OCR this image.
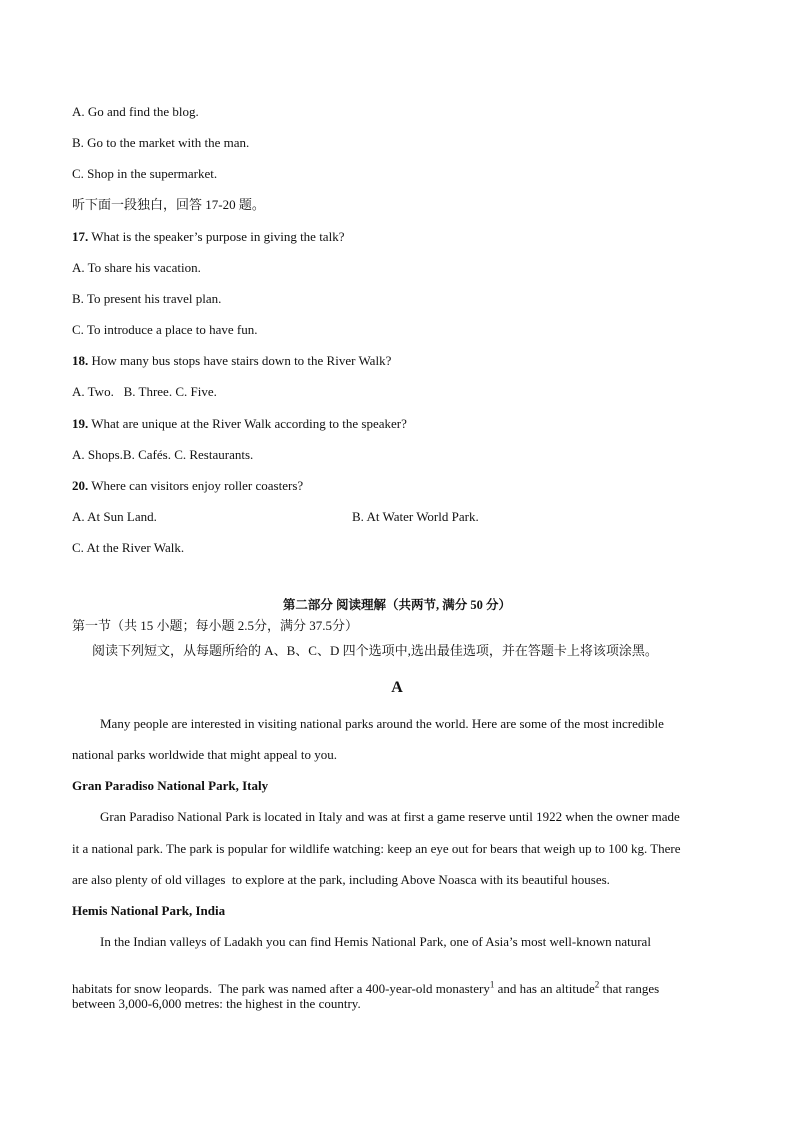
A. Go and find the blog.
B. Go to the market with the man.
C. Shop in the supermarket.
听下面一段独白，回答 17-20 题。
17. What is the speaker’s purpose in giving the talk?
A. To share his vacation.
B. To present his travel plan.
C. To introduce a place to have fun.
18. How many bus stops have stairs down to the River Walk?
A. Two.   B. Three. C. Five.
19. What are unique at the River Walk according to the speaker?
A. Shops.B. Cafés. C. Restaurants.
20. Where can visitors enjoy roller coasters?
A. At Sun Land.	B. At Water World Park.
C. At the River Walk.
第二部分 阅读理解（共两节, 满分 50 分）
第一节（共 15 小题；每小题 2.5分，满分 37.5分）
阅读下列短文，从每题所给的 A、B、C、D 四个选项中,选出最佳选项，并在答题卡上将该项涂黑。
A
Many people are interested in visiting national parks around the world. Here are some of the most incredible
national parks worldwide that might appeal to you.
Gran Paradiso National Park, Italy
Gran Paradiso National Park is located in Italy and was at first a game reserve until 1922 when the owner made
it a national park. The park is popular for wildlife watching: keep an eye out for bears that weigh up to 100 kg. There
are also plenty of old villages  to explore at the park, including Above Noasca with its beautiful houses.
Hemis National Park, India
In the Indian valleys of Ladakh you can find Hemis National Park, one of Asia’s most well-known natural

habitats for snow leopards.  The park was named after a 400-year-old monastery$^1$ and has an altitude$^2$ that ranges

between 3,000-6,000 metres: the highest in the country.
